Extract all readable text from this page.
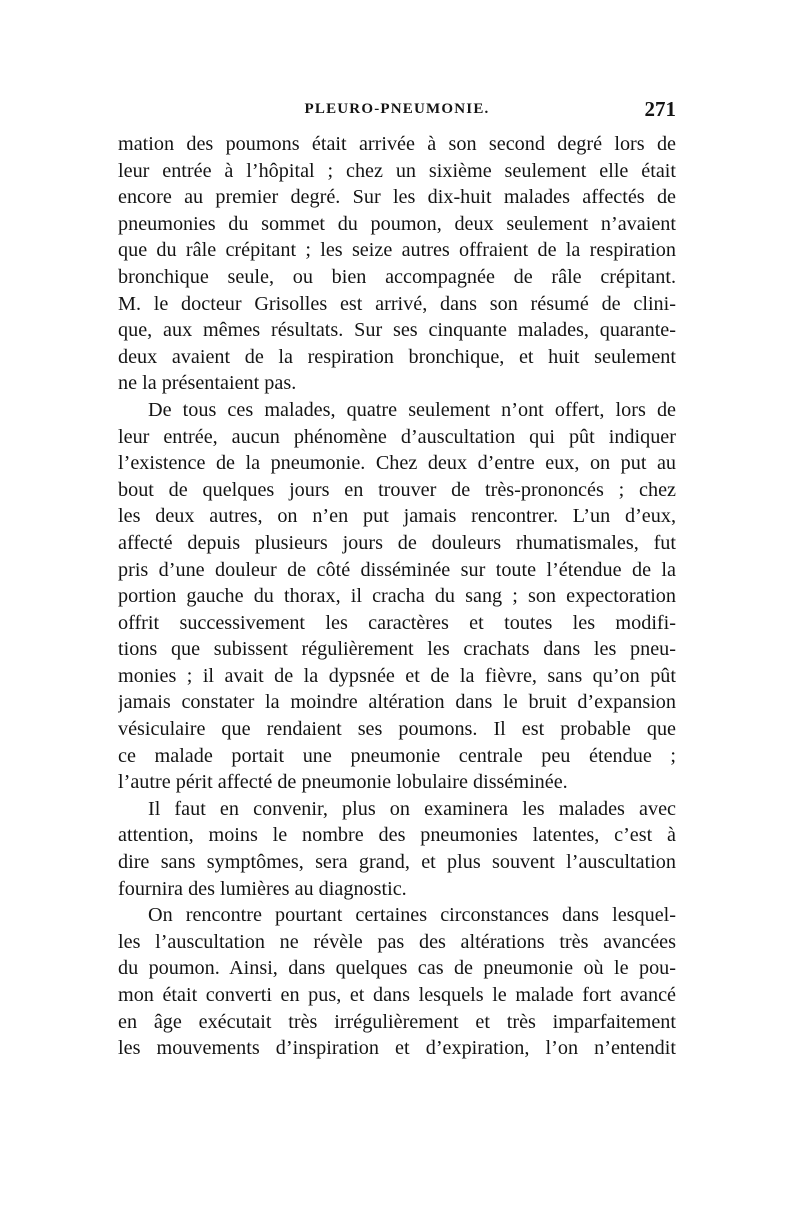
PLEURO-PNEUMONIE.	271
mation des poumons était arrivée à son second degré lors de
leur entrée à l’hôpital ; chez un sixième seulement elle était
encore au premier degré. Sur les dix-huit malades affectés de
pneumonies du sommet du poumon, deux seulement n’avaient
que du râle crépitant ; les seize autres offraient de la respiration
bronchique seule, ou bien accompagnée de râle crépitant.
M. le docteur Grisolles est arrivé, dans son résumé de clini-
que, aux mêmes résultats. Sur ses cinquante malades, quarante-
deux avaient de la respiration bronchique, et huit seulement
ne la présentaient pas.
De tous ces malades, quatre seulement n’ont offert, lors de
leur entrée, aucun phénomène d’auscultation qui pût indiquer
l’existence de la pneumonie. Chez deux d’entre eux, on put au
bout de quelques jours en trouver de très-prononcés ; chez
les deux autres, on n’en put jamais rencontrer. L’un d’eux,
affecté depuis plusieurs jours de douleurs rhumatismales, fut
pris d’une douleur de côté disséminée sur toute l’étendue de la
portion gauche du thorax, il cracha du sang ; son expectoration
offrit successivement les caractères et toutes les modifi-
tions que subissent régulièrement les crachats dans les pneu-
monies ; il avait de la dypsnée et de la fièvre, sans qu’on pût
jamais constater la moindre altération dans le bruit d’expansion
vésiculaire que rendaient ses poumons. Il est probable que
ce malade portait une pneumonie centrale peu étendue ;
l’autre périt affecté de pneumonie lobulaire disséminée.
Il faut en convenir, plus on examinera les malades avec
attention, moins le nombre des pneumonies latentes, c’est à
dire sans symptômes, sera grand, et plus souvent l’auscultation
fournira des lumières au diagnostic.
On rencontre pourtant certaines circonstances dans lesquel-
les l’auscultation ne révèle pas des altérations très avancées
du poumon. Ainsi, dans quelques cas de pneumonie où le pou-
mon était converti en pus, et dans lesquels le malade fort avancé
en âge exécutait très irrégulièrement et très imparfaitement
les mouvements d’inspiration et d’expiration, l’on n’entendit
